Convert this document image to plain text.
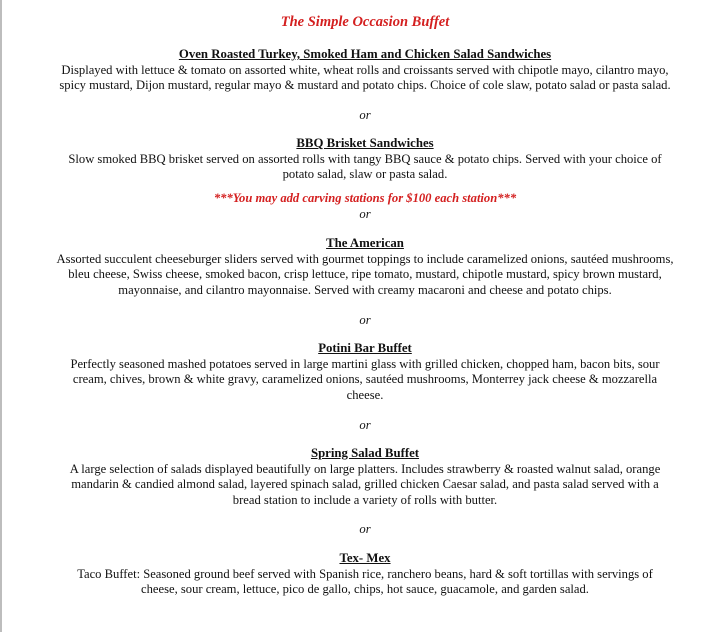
The Simple Occasion Buffet
Oven Roasted Turkey, Smoked Ham and Chicken Salad Sandwiches
Displayed with lettuce & tomato on assorted white, wheat rolls and croissants served with chipotle mayo, cilantro mayo,
spicy mustard, Dijon mustard, regular mayo & mustard and potato chips. Choice of cole slaw, potato salad or pasta salad.
or
BBQ Brisket Sandwiches
Slow smoked BBQ brisket served on assorted rolls with tangy BBQ sauce & potato chips. Served with your choice of
potato salad, slaw or pasta salad.
***You may add carving stations for $100 each station***
or
The American
Assorted succulent cheeseburger sliders served with gourmet toppings to include caramelized onions, sautéed mushrooms,
bleu cheese, Swiss cheese, smoked bacon, crisp lettuce, ripe tomato, mustard, chipotle mustard, spicy brown mustard,
mayonnaise, and cilantro mayonnaise. Served with creamy macaroni and cheese and potato chips.
or
Potini Bar Buffet
Perfectly seasoned mashed potatoes served in large martini glass with grilled chicken, chopped ham, bacon bits, sour
cream, chives, brown & white gravy, caramelized onions, sautéed mushrooms, Monterrey jack cheese & mozzarella
cheese.
or
Spring Salad Buffet
A large selection of salads displayed beautifully on large platters. Includes strawberry & roasted walnut salad, orange
mandarin & candied almond salad, layered spinach salad, grilled chicken Caesar salad, and pasta salad served with a
bread station to include a variety of rolls with butter.
or
Tex- Mex
Taco Buffet: Seasoned ground beef served with Spanish rice, ranchero beans, hard & soft tortillas with servings of
cheese, sour cream, lettuce, pico de gallo, chips, hot sauce, guacamole, and garden salad.
